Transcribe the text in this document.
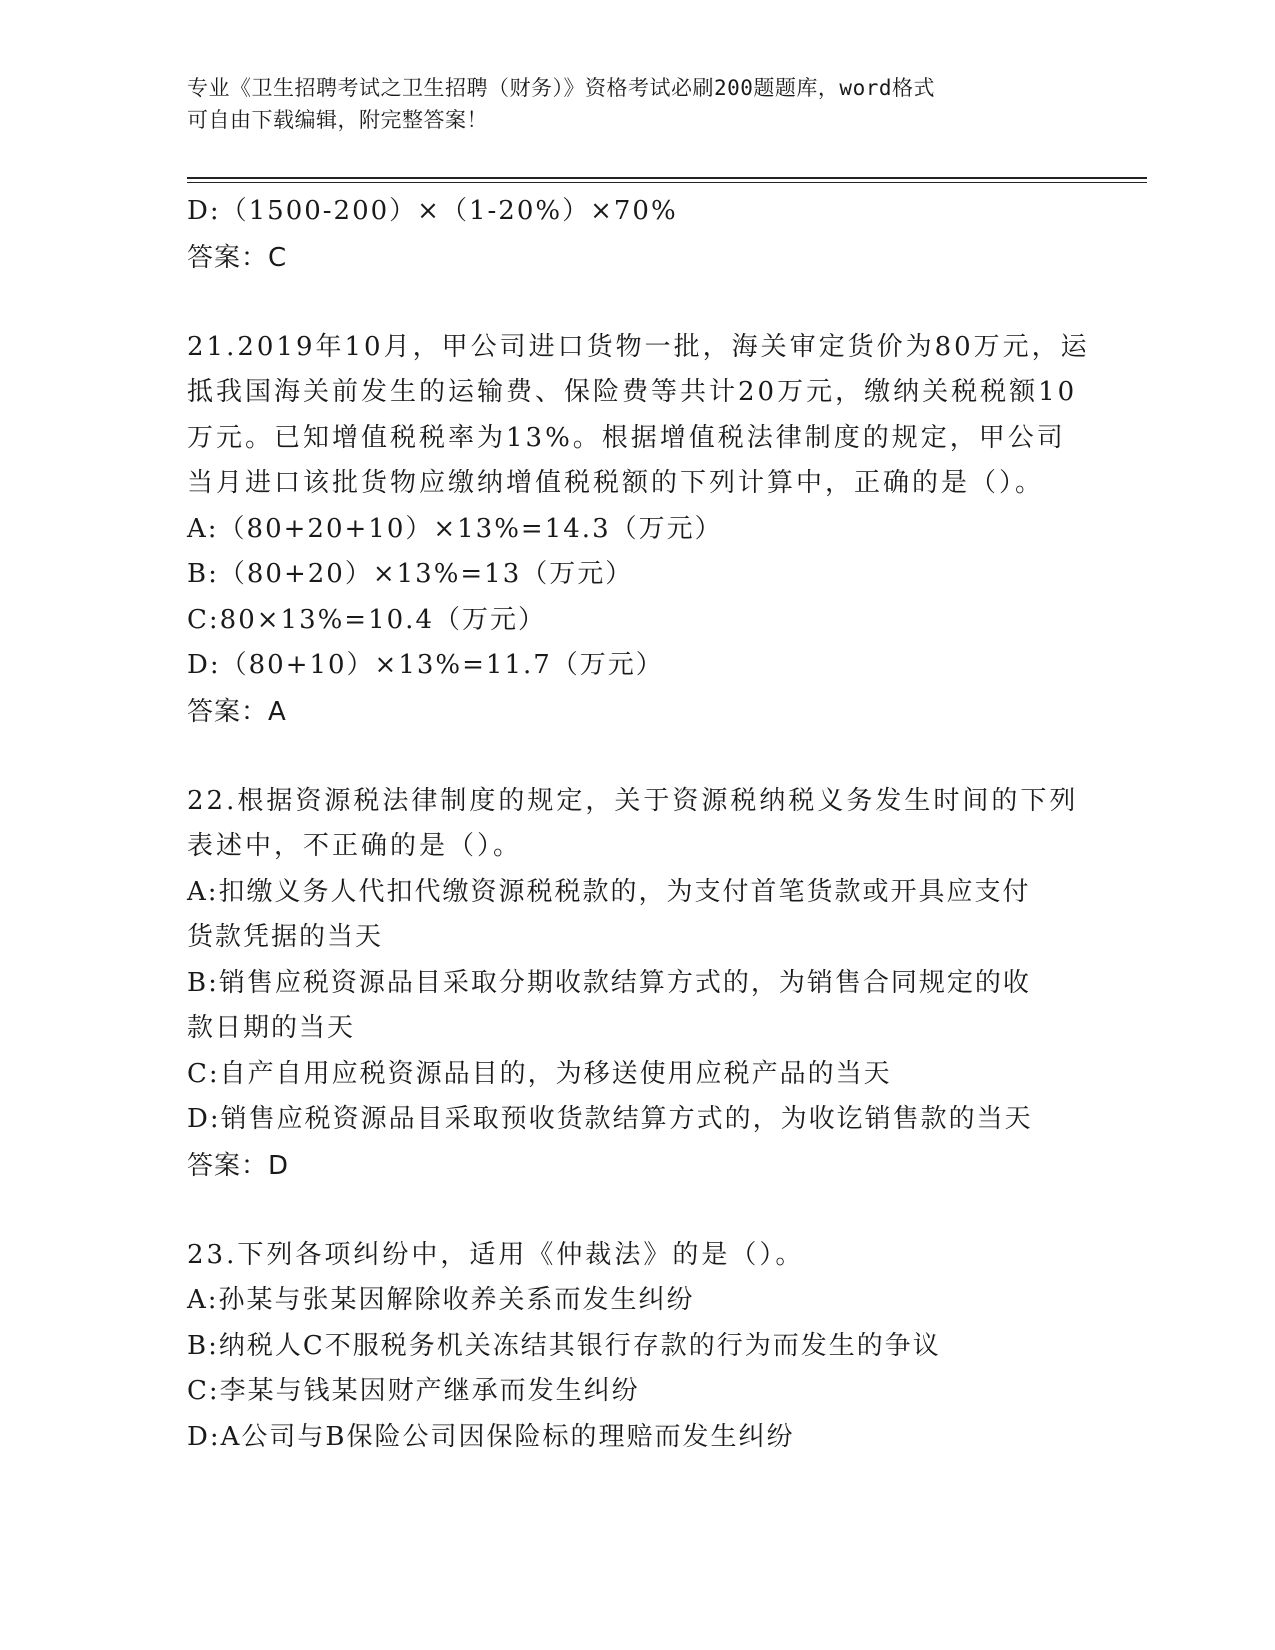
专业《卫生招聘考试之卫生招聘（财务）》资格考试必刷200题题库，word格式
可自由下载编辑，附完整答案！
D:（1500-200）×（1-20%）×70%
答案：C
21.2019年10月，甲公司进口货物一批，海关审定货价为80万元，运
抵我国海关前发生的运输费、保险费等共计20万元，缴纳关税税额10
万元。已知增值税税率为13%。根据增值税法律制度的规定，甲公司
当月进口该批货物应缴纳增值税税额的下列计算中，正确的是（）。
A:（80+20+10）×13%=14.3（万元）
B:（80+20）×13%=13（万元）
C:80×13%=10.4（万元）
D:（80+10）×13%=11.7（万元）
答案：A
22.根据资源税法律制度的规定，关于资源税纳税义务发生时间的下列
表述中，不正确的是（）。
A:扣缴义务人代扣代缴资源税税款的，为支付首笔货款或开具应支付
货款凭据的当天
B:销售应税资源品目采取分期收款结算方式的，为销售合同规定的收
款日期的当天
C:自产自用应税资源品目的，为移送使用应税产品的当天
D:销售应税资源品目采取预收货款结算方式的，为收讫销售款的当天
答案：D
23.下列各项纠纷中，适用《仲裁法》的是（）。
A:孙某与张某因解除收养关系而发生纠纷
B:纳税人C不服税务机关冻结其银行存款的行为而发生的争议
C:李某与钱某因财产继承而发生纠纷
D:A公司与B保险公司因保险标的理赔而发生纠纷
